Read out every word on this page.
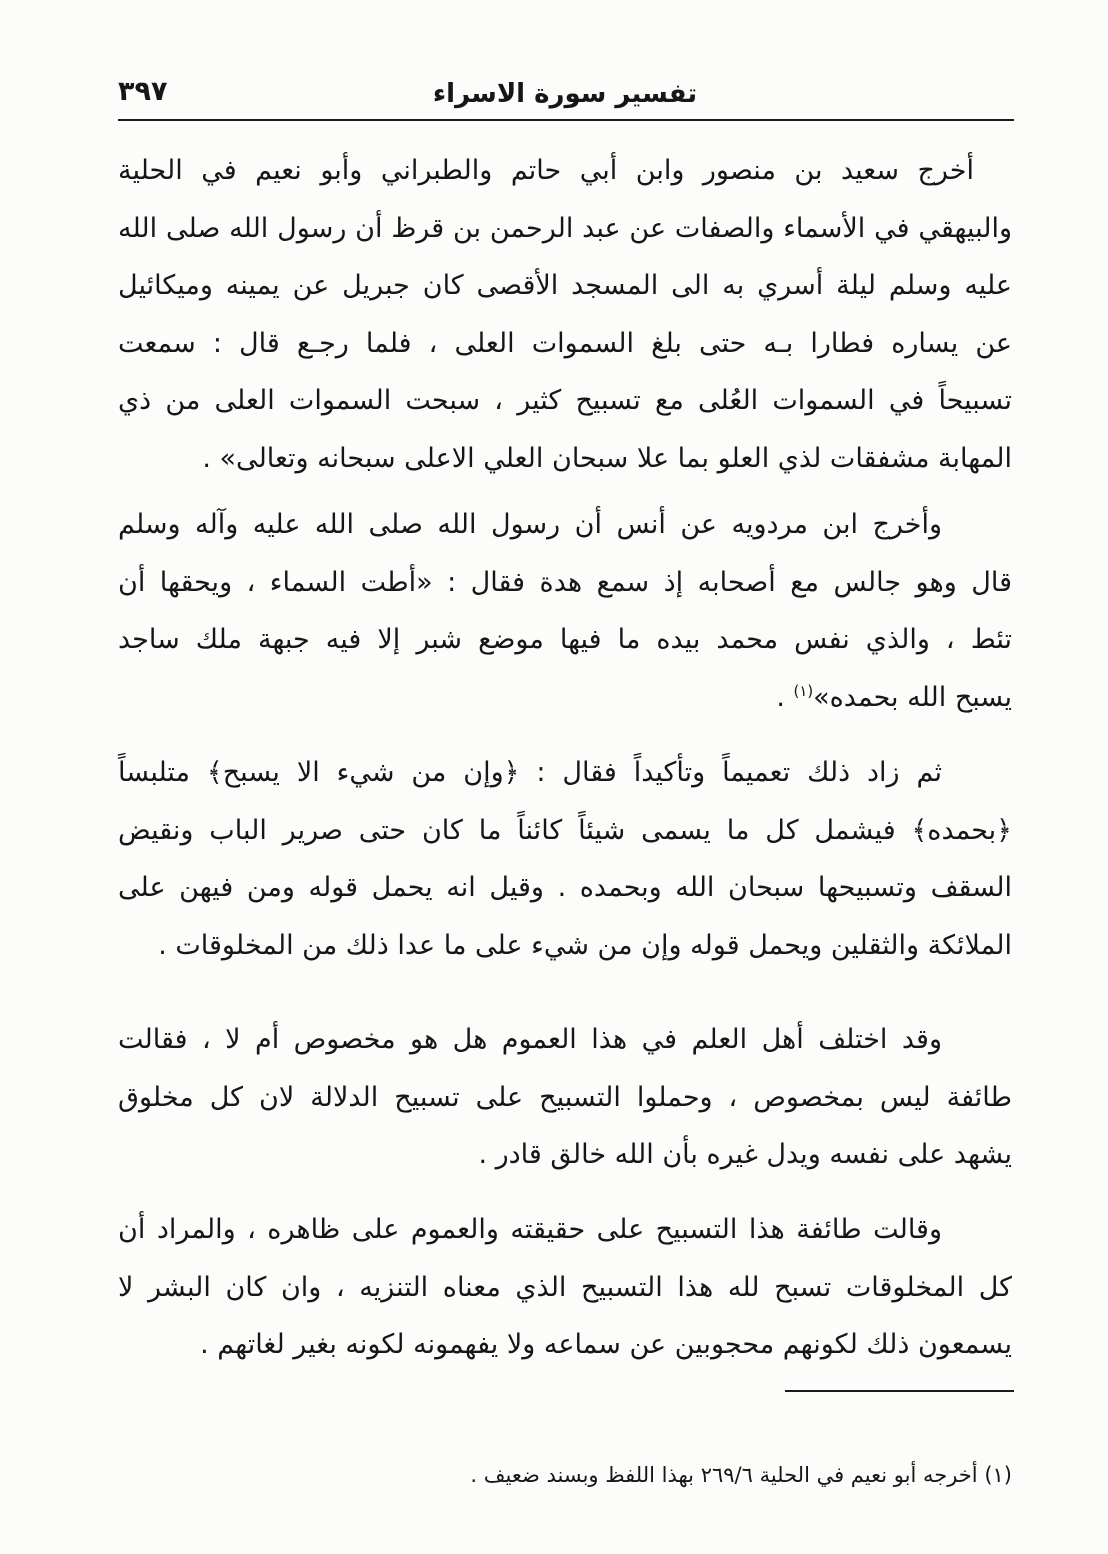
٣٩٧	تفسير سورة الاسراء
أخرج سعيد بن منصور وابن أبي حاتم والطبراني وأبو نعيم في الحلية
والبيهقي في الأسماء والصفات عن عبد الرحمن بن قرظ أن رسول الله صلى الله
عليه وسلم ليلة أسري به الى المسجد الأقصى كان جبريل عن يمينه وميكائيل
عن يساره فطارا بـه حتى بلغ السموات العلى ، فلما رجـع قال : سمعت
تسبيحاً في السموات العُلى مع تسبيح كثير ، سبحت السموات العلى من ذي
المهابة مشفقات لذي العلو بما علا سبحان العلي الاعلى سبحانه وتعالى» .
وأخرج ابن مردويه عن أنس أن رسول الله صلى الله عليه وآله وسلم
قال وهو جالس مع أصحابه إذ سمع هدة فقال : «أطت السماء ، ويحقها أن
تئط ، والذي نفس محمد بيده ما فيها موضع شبر إلا فيه جبهة ملك ساجد
يسبح الله بحمده»$^{(١)}$ .
ثم زاد ذلك تعميماً وتأكيداً فقال : ﴿وإن من شيء الا يسبح﴾ متلبساً
﴿بحمده﴾ فيشمل كل ما يسمى شيئاً كائناً ما كان حتى صرير الباب ونقيض
السقف وتسبيحها سبحان الله وبحمده . وقيل انه يحمل قوله ومن فيهن على
الملائكة والثقلين ويحمل قوله وإن من شيء على ما عدا ذلك من المخلوقات .
وقد اختلف أهل العلم في هذا العموم هل هو مخصوص أم لا ، فقالت
طائفة ليس بمخصوص ، وحملوا التسبيح على تسبيح الدلالة لان كل مخلوق
يشهد على نفسه ويدل غيره بأن الله خالق قادر .
وقالت طائفة هذا التسبيح على حقيقته والعموم على ظاهره ، والمراد أن
كل المخلوقات تسبح لله هذا التسبيح الذي معناه التنزيه ، وان كان البشر لا
يسمعون ذلك لكونهم محجوبين عن سماعه ولا يفهمونه لكونه بغير لغاتهم .
(١) أخرجه أبو نعيم في الحلية ٢٦٩/٦ بهذا اللفظ وبسند ضعيف .
